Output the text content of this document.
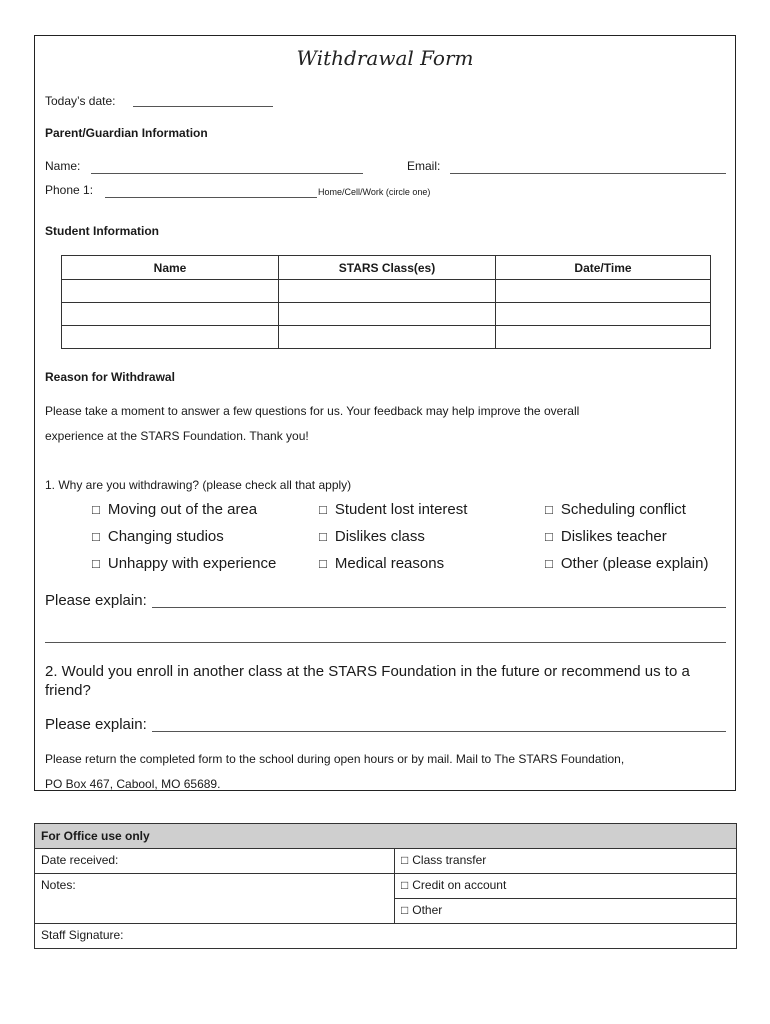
Withdrawal Form
Today’s date:
Parent/Guardian Information
Name:	Email:
Phone 1:	Home/Cell/Work (circle one)
Student Information
Name	STARS Class(es)	Date/Time

Reason for Withdrawal
Please take a moment to answer a few questions for us. Your feedback may help improve the overall
experience at the STARS Foundation. Thank you!
1. Why are you withdrawing? (please check all that apply)
□ Moving out of the area	□ Student lost interest	□ Scheduling conflict
□ Changing studios	□ Dislikes class	□ Dislikes teacher
□ Unhappy with experience	□ Medical reasons	□ Other (please explain)
Please explain:
2. Would you enroll in another class at the STARS Foundation in the future or recommend us to a friend?
Please explain:
Please return the completed form to the school during open hours or by mail. Mail to The STARS Foundation,
PO Box 467, Cabool, MO 65689.
For Office use only	
Date received:	□ Class transfer
Notes:	□ Credit on account
	□ Other
Staff Signature:	
